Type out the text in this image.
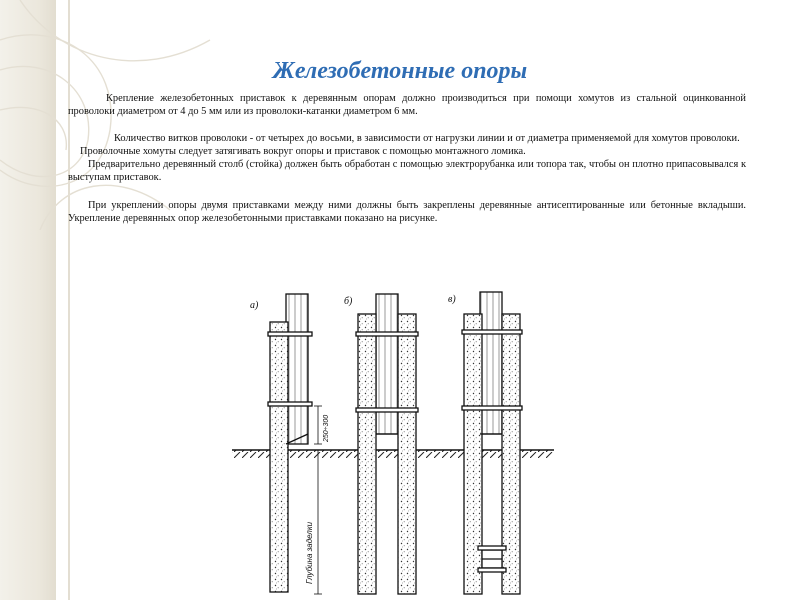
Железобетонные опоры

Крепление железобетонных приставок к деревянным опорам должно производиться при помощи хомутов из стальной оцинкованной проволоки диаметром от 4 до 5 мм или из проволоки-катанки диаметром 6 мм.

Количество витков проволоки - от четырех до восьми, в зависимости от нагрузки линии и от диаметра применяемой для хомутов проволоки.

Проволочные хомуты следует затягивать вокруг опоры и приставок с помощью монтажного ломика.

Предварительно деревянный столб (стойка) должен быть обработан с помощью электрорубанка или топора так, чтобы он плотно припасовывался к выступам приставок.

При укреплении опоры двумя приставками между ними должны быть закреплены деревянные антисептированные или бетонные вкладыши. Укрепление деревянных опор железобетонными приставками показано на рисунке.

а)	б)	в)
250÷300
Глубина заделки
